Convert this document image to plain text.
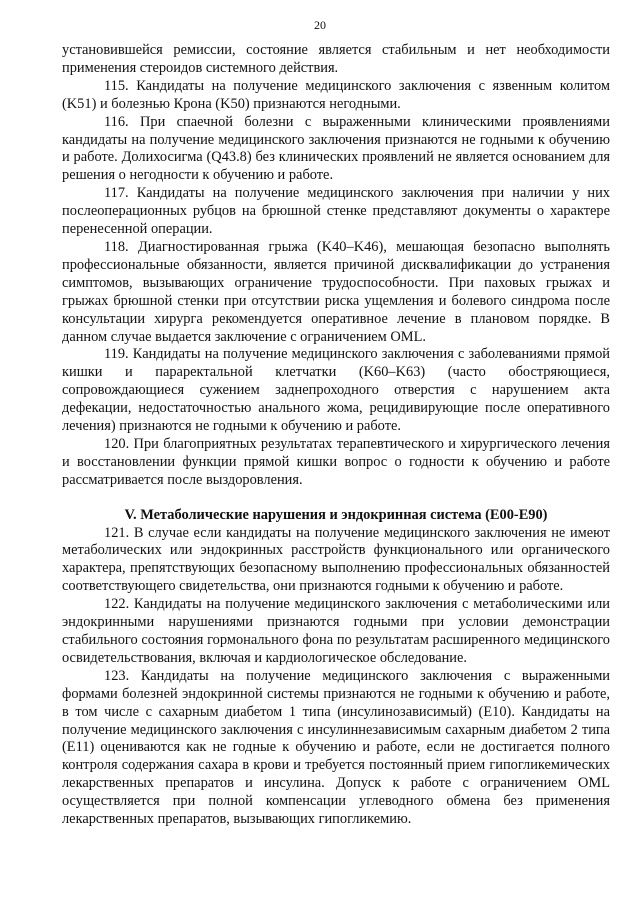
20

установившейся ремиссии, состояние является стабильным и нет необходимости применения стероидов системного действия.

115. Кандидаты на получение медицинского заключения с язвенным колитом (K51) и болезнью Крона (K50) признаются негодными.

116. При спаечной болезни с выраженными клиническими проявлениями кандидаты на получение медицинского заключения признаются не годными к обучению и работе. Долихосигма (Q43.8) без клинических проявлений не является основанием для решения о негодности к обучению и работе.

117. Кандидаты на получение медицинского заключения при наличии у них послеоперационных рубцов на брюшной стенке представляют документы о характере перенесенной операции.

118. Диагностированная грыжа (K40–K46), мешающая безопасно выполнять профессиональные обязанности, является причиной дисквалификации до устранения симптомов, вызывающих ограничение трудоспособности. При паховых грыжах и грыжах брюшной стенки при отсутствии риска ущемления и болевого синдрома после консультации хирурга рекомендуется оперативное лечение в плановом порядке. В данном случае выдается заключение с ограничением OML.

119. Кандидаты на получение медицинского заключения с заболеваниями прямой кишки и параректальной клетчатки (K60–K63) (часто обостряющиеся, сопровождающиеся сужением заднепроходного отверстия с нарушением акта дефекации, недостаточностью анального жома, рецидивирующие после оперативного лечения) признаются не годными к обучению и работе.

120. При благоприятных результатах терапевтического и хирургического лечения и восстановлении функции прямой кишки вопрос о годности к обучению и работе рассматривается после выздоровления.

V. Метаболические нарушения и эндокринная система (E00-E90)

121. В случае если кандидаты на получение медицинского заключения не имеют метаболических или эндокринных расстройств функционального или органического характера, препятствующих безопасному выполнению профессиональных обязанностей соответствующего свидетельства, они признаются годными к обучению и работе.

122. Кандидаты на получение медицинского заключения с метаболическими или эндокринными нарушениями признаются годными при условии демонстрации стабильного состояния гормонального фона по результатам расширенного медицинского освидетельствования, включая и кардиологическое обследование.

123. Кандидаты на получение медицинского заключения с выраженными формами болезней эндокринной системы признаются не годными к обучению и работе, в том числе с сахарным диабетом 1 типа (инсулинозависимый) (E10). Кандидаты на получение медицинского заключения с инсулиннезависимым сахарным диабетом 2 типа (E11) оцениваются как не годные к обучению и работе, если не достигается полного контроля содержания сахара в крови и требуется постоянный прием гипогликемических лекарственных препаратов и инсулина. Допуск к работе с ограничением OML осуществляется при полной компенсации углеводного обмена без применения лекарственных препаратов, вызывающих гипогликемию.
